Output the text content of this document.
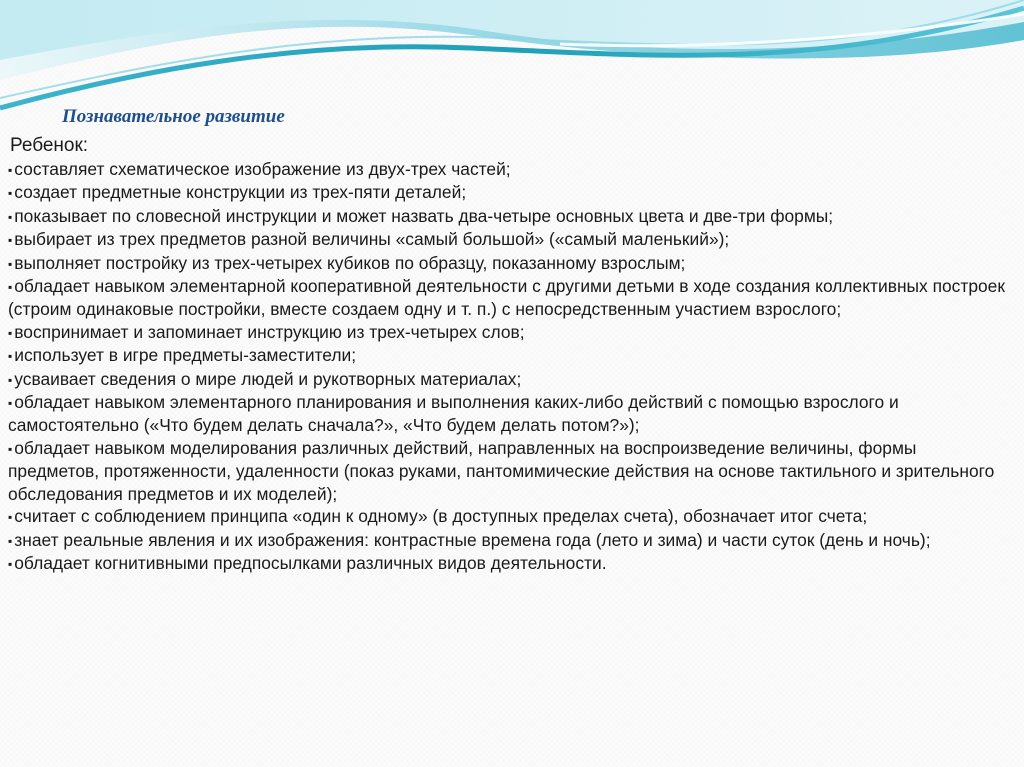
Познавательное развитие

Ребенок:

▪ составляет схематическое изображение из двух-трех частей;
▪ создает предметные конструкции из трех-пяти деталей;
▪ показывает по словесной инструкции и может назвать два-четыре основных цвета и две-три формы;
▪ выбирает из трех предметов разной величины «самый большой» («самый маленький»);
▪ выполняет постройку из трех-четырех кубиков по образцу, показанному взрослым;
▪ обладает навыком элементарной кооперативной деятельности с другими детьми в ходе создания коллективных построек (строим одинаковые постройки, вместе создаем одну и т. п.) с непосредственным участием взрослого;
▪ воспринимает и запоминает инструкцию из трех-четырех слов;
▪ использует в игре предметы-заместители;
▪ усваивает сведения о мире людей и рукотворных материалах;
▪ обладает навыком элементарного планирования и выполнения каких-либо действий с помощью взрослого и самостоятельно («Что будем делать сначала?», «Что будем делать потом?»);
▪ обладает навыком моделирования различных действий, направленных на воспроизведение величины, формы предметов, протяженности, удаленности (показ руками, пантомимические действия на основе тактильного и зрительного обследования предметов и их моделей);
▪ считает с соблюдением принципа «один к одному» (в доступных пределах счета), обозначает итог счета;
▪ знает реальные явления и их изображения: контрастные времена года (лето и зима) и части суток (день и ночь);
▪ обладает когнитивными предпосылками различных видов деятельности.
